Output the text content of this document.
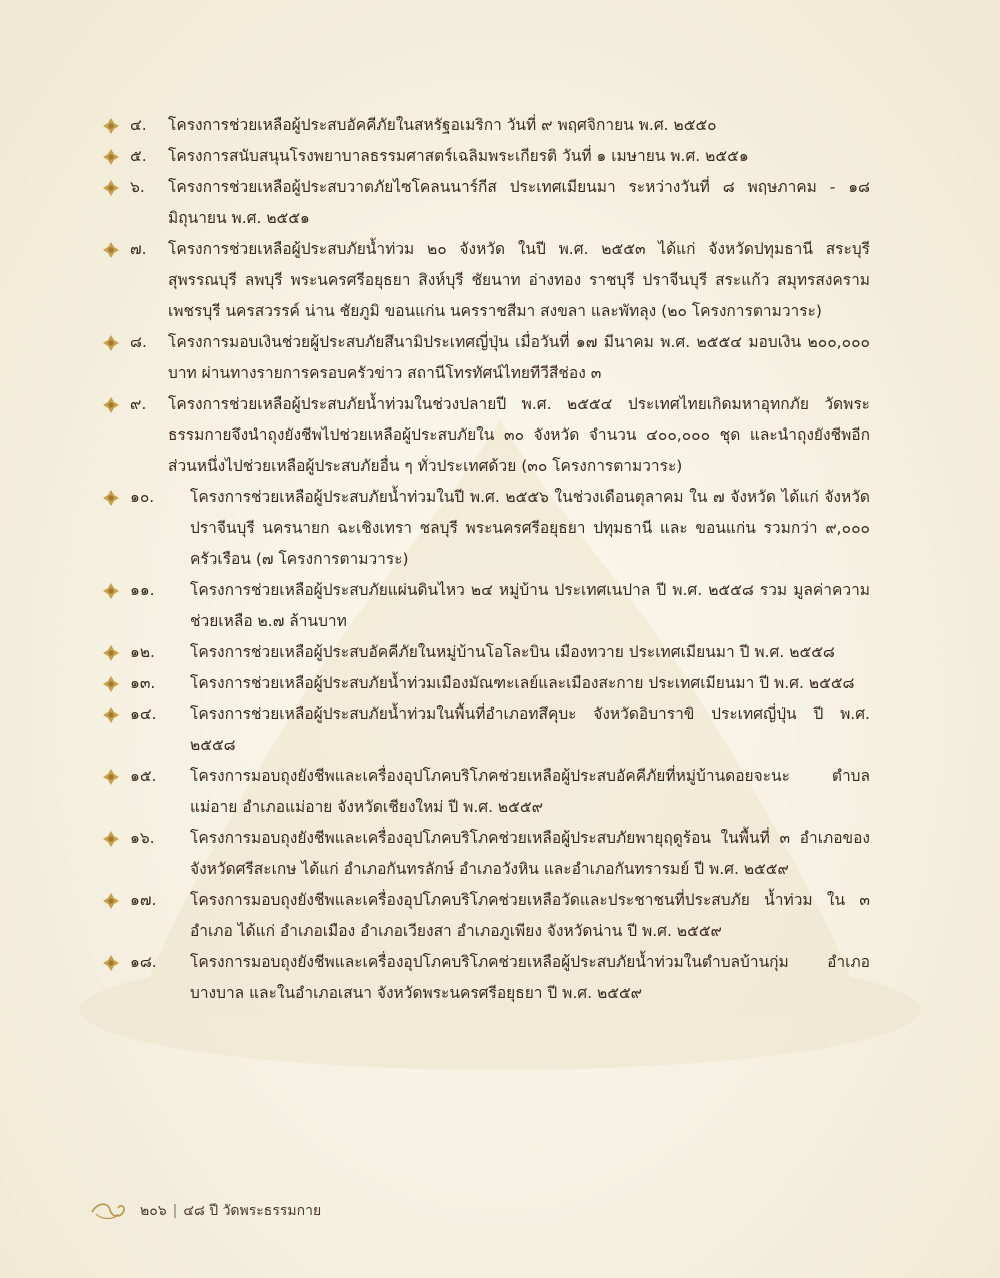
๔.	โครงการช่วยเหลือผู้ประสบอัคคีภัยในสหรัฐอเมริกา วันที่ ๙ พฤศจิกายน พ.ศ. ๒๕๕๐
๕.	โครงการสนับสนุนโรงพยาบาลธรรมศาสตร์เฉลิมพระเกียรติ วันที่ ๑ เมษายน พ.ศ. ๒๕๕๑
๖.	โครงการช่วยเหลือผู้ประสบวาตภัยไซโคลนนาร์กีส ประเทศเมียนมา ระหว่างวันที่ ๘ พฤษภาคม - ๑๘ มิถุนายน พ.ศ. ๒๕๕๑
๗.	โครงการช่วยเหลือผู้ประสบภัยน้ำท่วม ๒๐ จังหวัด ในปี พ.ศ. ๒๕๕๓ ได้แก่ จังหวัดปทุมธานี สระบุรี สุพรรณบุรี ลพบุรี พระนครศรีอยุธยา สิงห์บุรี ชัยนาท อ่างทอง ราชบุรี ปราจีนบุรี สระแก้ว สมุทรสงคราม เพชรบุรี นครสวรรค์ น่าน ชัยภูมิ ขอนแก่น นครราชสีมา สงขลา และพัทลุง (๒๐ โครงการตามวาระ)
๘.	โครงการมอบเงินช่วยผู้ประสบภัยสึนามิประเทศญี่ปุ่น เมื่อวันที่ ๑๗ มีนาคม พ.ศ. ๒๕๕๔ มอบเงิน ๒๐๐,๐๐๐ บาท ผ่านทางรายการครอบครัวข่าว สถานีโทรทัศน์ไทยทีวีสีช่อง ๓
๙.	โครงการช่วยเหลือผู้ประสบภัยน้ำท่วมในช่วงปลายปี พ.ศ. ๒๕๕๔ ประเทศไทยเกิดมหาอุทกภัย วัดพระธรรมกายจึงนำถุงยังชีพไปช่วยเหลือผู้ประสบภัยใน ๓๐ จังหวัด จำนวน ๔๐๐,๐๐๐ ชุด และนำถุงยังชีพอีกส่วนหนึ่งไปช่วยเหลือผู้ประสบภัยอื่น ๆ ทั่วประเทศด้วย (๓๐ โครงการตามวาระ)
๑๐.	โครงการช่วยเหลือผู้ประสบภัยน้ำท่วมในปี พ.ศ. ๒๕๕๖ ในช่วงเดือนตุลาคม ใน ๗ จังหวัด ได้แก่ จังหวัดปราจีนบุรี นครนายก ฉะเชิงเทรา ชลบุรี พระนครศรีอยุธยา ปทุมธานี และ ขอนแก่น รวมกว่า ๙,๐๐๐ ครัวเรือน (๗ โครงการตามวาระ)
๑๑.	โครงการช่วยเหลือผู้ประสบภัยแผ่นดินไหว ๒๔ หมู่บ้าน ประเทศเนปาล ปี พ.ศ. ๒๕๕๘ รวม มูลค่าความช่วยเหลือ ๒.๗ ล้านบาท
๑๒.	โครงการช่วยเหลือผู้ประสบอัคคีภัยในหมู่บ้านโอโละบิน เมืองทวาย ประเทศเมียนมา ปี พ.ศ. ๒๕๕๘
๑๓.	โครงการช่วยเหลือผู้ประสบภัยน้ำท่วมเมืองมัณฑะเลย์และเมืองสะกาย ประเทศเมียนมา ปี พ.ศ. ๒๕๕๘
๑๔.	โครงการช่วยเหลือผู้ประสบภัยน้ำท่วมในพื้นที่อำเภอทสึคุบะ จังหวัดอิบาราขิ ประเทศญี่ปุ่น ปี พ.ศ. ๒๕๕๘
๑๕.	โครงการมอบถุงยังชีพและเครื่องอุปโภคบริโภคช่วยเหลือผู้ประสบอัคคีภัยที่หมู่บ้านดอยจะนะ ตำบลแม่อาย อำเภอแม่อาย จังหวัดเชียงใหม่ ปี พ.ศ. ๒๕๕๙
๑๖.	โครงการมอบถุงยังชีพและเครื่องอุปโภคบริโภคช่วยเหลือผู้ประสบภัยพายุฤดูร้อน ในพื้นที่ ๓ อำเภอของจังหวัดศรีสะเกษ ได้แก่ อำเภอกันทรลักษ์ อำเภอวังหิน และอำเภอกันทรารมย์ ปี พ.ศ. ๒๕๕๙
๑๗.	โครงการมอบถุงยังชีพและเครื่องอุปโภคบริโภคช่วยเหลือวัดและประชาชนที่ประสบภัย น้ำท่วม ใน ๓ อำเภอ ได้แก่ อำเภอเมือง อำเภอเวียงสา อำเภอภูเพียง จังหวัดน่าน ปี พ.ศ. ๒๕๕๙
๑๘.	โครงการมอบถุงยังชีพและเครื่องอุปโภคบริโภคช่วยเหลือผู้ประสบภัยน้ำท่วมในตำบลบ้านกุ่ม อำเภอบางบาล และในอำเภอเสนา จังหวัดพระนครศรีอยุธยา ปี พ.ศ. ๒๕๕๙
๒๐๖ | ๔๘ ปี วัดพระธรรมกาย
